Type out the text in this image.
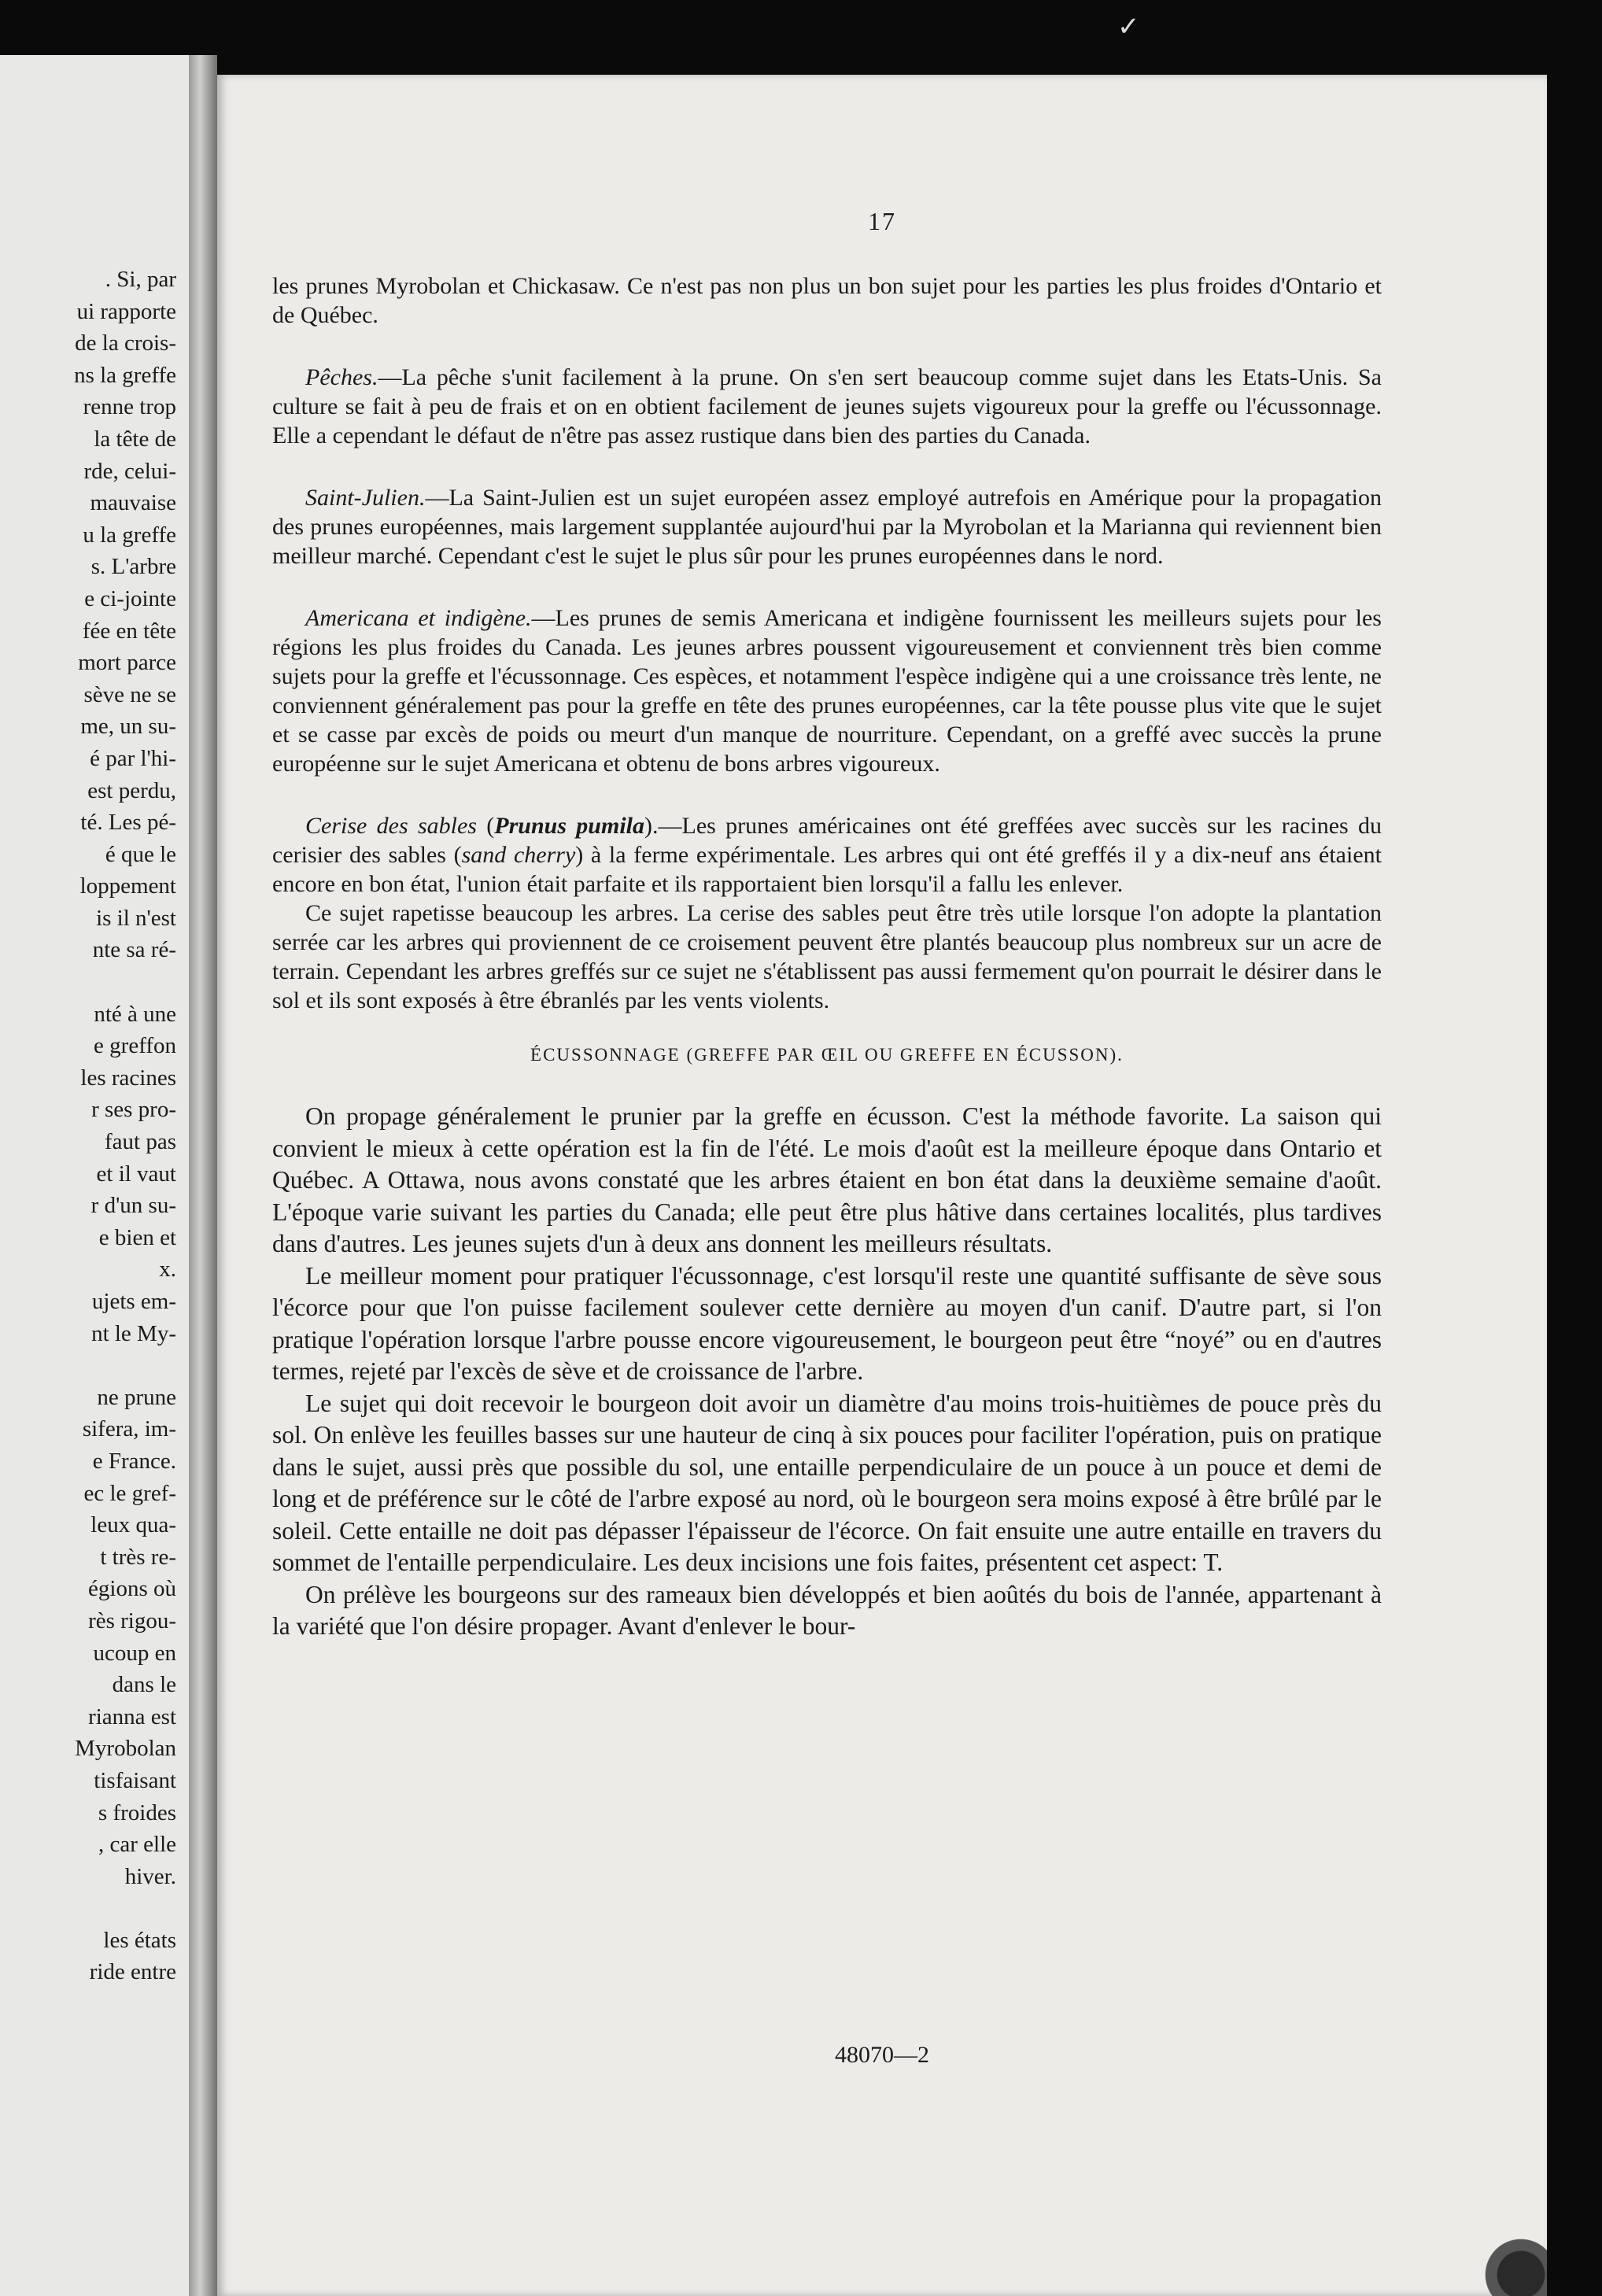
. Si, par
ui rapporte
de la crois-
ns la greffe
renne trop
la tête de
rde, celui-
mauvaise
u la greffe
s. L'arbre
e ci-jointe
fée en tête
mort parce
sève ne se
me, un su-
é par l'hi-
est perdu,
té. Les pé-
é que le
loppement
is il n'est
nte sa ré-
nté à une
e greffon
les racines
r ses pro-
faut pas
et il vaut
r d'un su-
e bien et
x.
ujets em-
nt le My-
ne prune
sifera, im-
e France.
ec le gref-
leux qua-
t très re-
égions où
rès rigou-
ucoup en
dans le
rianna est
Myrobolan
tisfaisant
s froides
, car elle
hiver.
les états
ride entre
✓
17

les prunes Myrobolan et Chickasaw. Ce n'est pas non plus un bon sujet pour les parties les plus froides d'Ontario et de Québec.

Pêches.—La pêche s'unit facilement à la prune. On s'en sert beaucoup comme sujet dans les Etats-Unis. Sa culture se fait à peu de frais et on en obtient facilement de jeunes sujets vigoureux pour la greffe ou l'écussonnage. Elle a cependant le défaut de n'être pas assez rustique dans bien des parties du Canada.

Saint-Julien.—La Saint-Julien est un sujet européen assez employé autrefois en Amérique pour la propagation des prunes européennes, mais largement supplantée aujourd'hui par la Myrobolan et la Marianna qui reviennent bien meilleur marché. Cependant c'est le sujet le plus sûr pour les prunes européennes dans le nord.

Americana et indigène.—Les prunes de semis Americana et indigène fournissent les meilleurs sujets pour les régions les plus froides du Canada. Les jeunes arbres poussent vigoureusement et conviennent très bien comme sujets pour la greffe et l'écussonnage. Ces espèces, et notamment l'espèce indigène qui a une croissance très lente, ne conviennent généralement pas pour la greffe en tête des prunes européennes, car la tête pousse plus vite que le sujet et se casse par excès de poids ou meurt d'un manque de nourriture. Cependant, on a greffé avec succès la prune européenne sur le sujet Americana et obtenu de bons arbres vigoureux.

Cerise des sables (Prunus pumila).—Les prunes américaines ont été greffées avec succès sur les racines du cerisier des sables (sand cherry) à la ferme expérimentale. Les arbres qui ont été greffés il y a dix-neuf ans étaient encore en bon état, l'union était parfaite et ils rapportaient bien lorsqu'il a fallu les enlever.

Ce sujet rapetisse beaucoup les arbres. La cerise des sables peut être très utile lorsque l'on adopte la plantation serrée car les arbres qui proviennent de ce croisement peuvent être plantés beaucoup plus nombreux sur un acre de terrain. Cependant les arbres greffés sur ce sujet ne s'établissent pas aussi fermement qu'on pourrait le désirer dans le sol et ils sont exposés à être ébranlés par les vents violents.

ÉCUSSONNAGE (GREFFE PAR ŒIL OU GREFFE EN ÉCUSSON).

On propage généralement le prunier par la greffe en écusson. C'est la méthode favorite. La saison qui convient le mieux à cette opération est la fin de l'été. Le mois d'août est la meilleure époque dans Ontario et Québec. A Ottawa, nous avons constaté que les arbres étaient en bon état dans la deuxième semaine d'août. L'époque varie suivant les parties du Canada; elle peut être plus hâtive dans certaines localités, plus tardives dans d'autres. Les jeunes sujets d'un à deux ans donnent les meilleurs résultats.

Le meilleur moment pour pratiquer l'écussonnage, c'est lorsqu'il reste une quantité suffisante de sève sous l'écorce pour que l'on puisse facilement soulever cette dernière au moyen d'un canif. D'autre part, si l'on pratique l'opération lorsque l'arbre pousse encore vigoureusement, le bourgeon peut être “noyé” ou en d'autres termes, rejeté par l'excès de sève et de croissance de l'arbre.

Le sujet qui doit recevoir le bourgeon doit avoir un diamètre d'au moins trois-huitièmes de pouce près du sol. On enlève les feuilles basses sur une hauteur de cinq à six pouces pour faciliter l'opération, puis on pratique dans le sujet, aussi près que possible du sol, une entaille perpendiculaire de un pouce à un pouce et demi de long et de préférence sur le côté de l'arbre exposé au nord, où le bourgeon sera moins exposé à être brûlé par le soleil. Cette entaille ne doit pas dépasser l'épaisseur de l'écorce. On fait ensuite une autre entaille en travers du sommet de l'entaille perpendiculaire. Les deux incisions une fois faites, présentent cet aspect: T.

On prélève les bourgeons sur des rameaux bien développés et bien aoûtés du bois de l'année, appartenant à la variété que l'on désire propager. Avant d'enlever le bour-

48070—2
